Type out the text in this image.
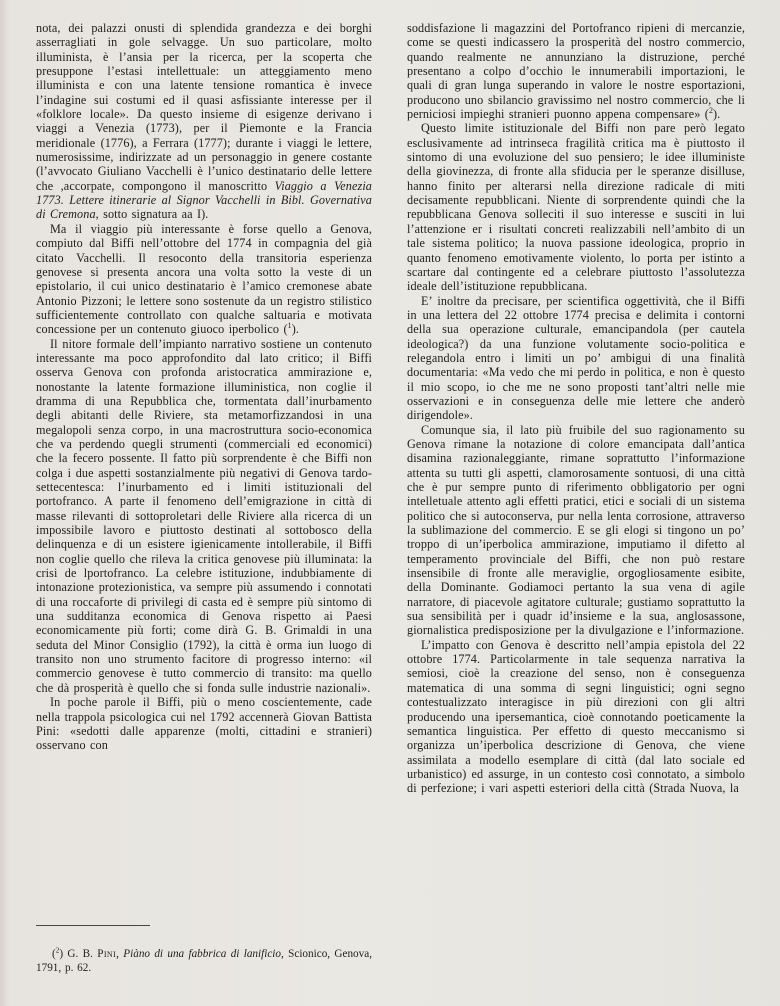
nota, dei palazzi onusti di splendida grandezza e dei borghi asserragliati in gole selvagge. Un suo particolare, molto illuminista, è l’ansia per la ricerca, per la scoperta che presuppone l’estasi intellettuale: un atteggiamento meno illuminista e con una latente tensione romantica è invece l’indagine sui costumi ed il quasi asfissiante interesse per il «folklore locale». Da questo insieme di esigenze derivano i viaggi a Venezia (1773), per il Piemonte e la Francia meridionale (1776), a Ferrara (1777); durante i viaggi le lettere, numerosissime, indirizzate ad un personaggio in genere costante (l’avvocato Giuliano Vacchelli è l’unico destinatario delle lettere che ,accorpate, compongono il manoscritto Viaggio a Venezia 1773. Lettere itinerarie al Signor Vacchelli in Bibl. Governativa di Cremona, sotto signatura aa I).

Ma il viaggio più interessante è forse quello a Genova, compiuto dal Biffi nell’ottobre del 1774 in compagnia del già citato Vacchelli. Il resoconto della transitoria esperienza genovese si presenta ancora una volta sotto la veste di un epistolario, il cui unico destinatario è l’amico cremonese abate Antonio Pizzoni; le lettere sono sostenute da un registro stilistico sufficientemente controllato con qualche saltuaria e motivata concessione per un contenuto giuoco iperbolico ($^1$).

Il nitore formale dell’impianto narrativo sostiene un contenuto interessante ma poco approfondito dal lato critico; il Biffi osserva Genova con profonda aristocratica ammirazione e, nonostante la latente formazione illuministica, non coglie il dramma di una Repubblica che, tormentata dall’inurbamento degli abitanti delle Riviere, sta metamorfizzandosi in una megalopoli senza corpo, in una macrostruttura socio-economica che va perdendo quegli strumenti (commerciali ed economici) che la fecero possente. Il fatto più sorprendente è che Biffi non colga i due aspetti sostanzialmente più negativi di Genova tardo-settecentesca: l’inurbamento ed i limiti istituzionali del portofranco. A parte il fenomeno dell’emigrazione in città di masse rilevanti di sottoproletari delle Riviere alla ricerca di un impossibile lavoro e piuttosto destinati al sottobosco della delinquenza e di un esistere igienicamente intollerabile, il Biffi non coglie quello che rileva la critica genovese più illuminata: la crisi de lportofranco. La celebre istituzione, indubbiamente di intonazione protezionistica, va sempre più assumendo i connotati di una roccaforte di privilegi di casta ed è sempre più sintomo di una sudditanza economica di Genova rispetto ai Paesi economicamente più forti; come dirà G. B. Grimaldi in una seduta del Minor Consiglio (1792), la città è orma iun luogo di transito non uno strumento facitore di progresso interno: «il commercio genovese è tutto commercio di transito: ma quello che dà prosperità è quello che si fonda sulle industrie nazionali».

In poche parole il Biffi, più o meno coscientemente, cade nella trappola psicologica cui nel 1792 accennerà Giovan Battista Pini: «sedotti dalle apparenze (molti, cittadini e stranieri) osservano con

soddisfazione li magazzini del Portofranco ripieni di mercanzie, come se questi indicassero la prosperità del nostro commercio, quando realmente ne annunziano la distruzione, perché presentano a colpo d’occhio le innumerabili importazioni, le quali di gran lunga superando in valore le nostre esportazioni, producono uno sbilancio gravissimo nel nostro commercio, che li perniciosi impieghi stranieri puonno appena compensare» ($^2$).

Questo limite istituzionale del Biffi non pare però legato esclusivamente ad intrinseca fragilità critica ma è piuttosto il sintomo di una evoluzione del suo pensiero; le idee illuministe della giovinezza, di fronte alla sfiducia per le speranze disilluse, hanno finito per alterarsi nella direzione radicale di miti decisamente repubblicani. Niente di sorprendente quindi che la repubblicana Genova solleciti il suo interesse e susciti in lui l’attenzione er i risultati concreti realizzabili nell’ambito di un tale sistema politico; la nuova passione ideologica, proprio in quanto fenomeno emotivamente violento, lo porta per istinto a scartare dal contingente ed a celebrare piuttosto l’assolutezza ideale dell’istituzione repubblicana.

E’ inoltre da precisare, per scientifica oggettività, che il Biffi in una lettera del 22 ottobre 1774 precisa e delimita i contorni della sua operazione culturale, emancipandola (per cautela ideologica?) da una funzione volutamente socio-politica e relegandola entro i limiti un po’ ambigui di una finalità documentaria: «Ma vedo che mi perdo in politica, e non è questo il mio scopo, io che me ne sono proposti tant’altri nelle mie osservazioni e in conseguenza delle mie lettere che anderò dirigendole».

Comunque sia, il lato più fruibile del suo ragionamento su Genova rimane la notazione di colore emancipata dall’antica disamina razionaleggiante, rimane soprattutto l’informazione attenta su tutti gli aspetti, clamorosamente sontuosi, di una città che è pur sempre punto di riferimento obbligatorio per ogni intelletuale attento agli effetti pratici, etici e sociali di un sistema politico che si autoconserva, pur nella lenta corrosione, attraverso la sublimazione del commercio. E se gli elogi si tingono un po’ troppo di un’iperbolica ammirazione, imputiamo il difetto al temperamento provinciale del Biffi, che non può restare insensibile di fronte alle meraviglie, orgogliosamente esibite, della Dominante. Godiamoci pertanto la sua vena di agile narratore, di piacevole agitatore culturale; gustiamo soprattutto la sua sensibilità per i quadr id’insieme e la sua, anglosassone, giornalistica predisposizione per la divulgazione e l’informazione.

L’impatto con Genova è descritto nell’ampia epistola del 22 ottobre 1774. Particolarmente in tale sequenza narrativa la semiosi, cioè la creazione del senso, non è conseguenza matematica di una somma di segni linguistici; ogni segno contestualizzato interagisce in più direzioni con gli altri producendo una ipersemantica, cioè connotando poeticamente la semantica linguistica. Per effetto di questo meccanismo si organizza un’iperbolica descrizione di Genova, che viene assimilata a modello esemplare di città (dal lato sociale ed urbanistico) ed assurge, in un contesto così connotato, a simbolo di perfezione; i vari aspetti esteriori della città (Strada Nuova, la

($^2$) G. B. Pini, Piàno di una fabbrica di lanificio, Scionico, Genova, 1791, p. 62.
